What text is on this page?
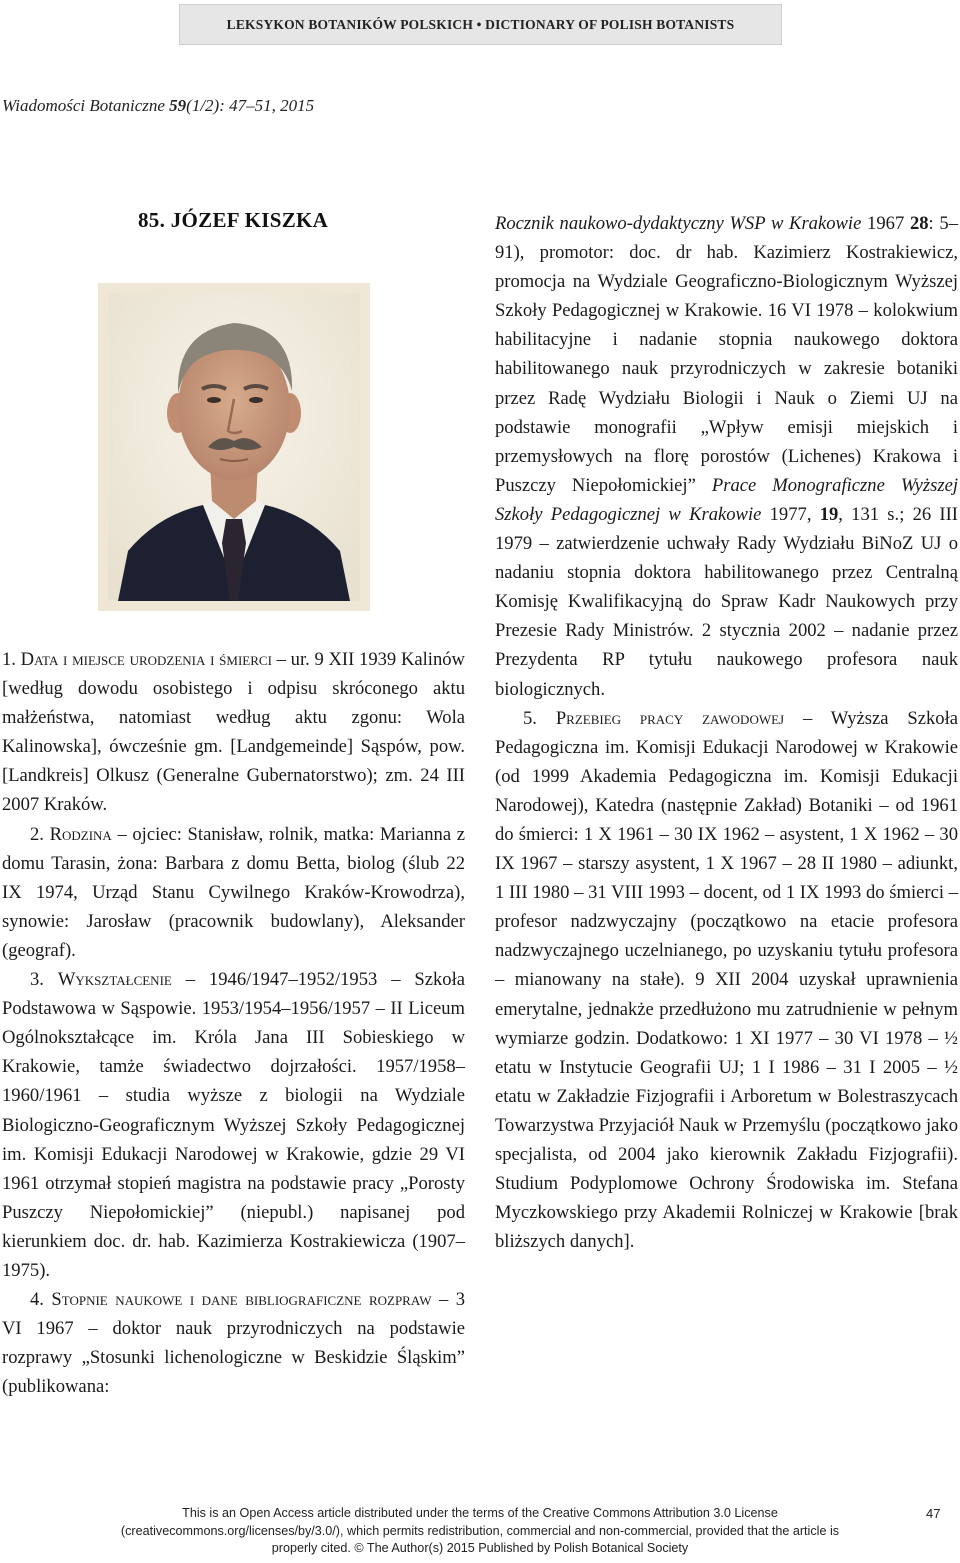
LEKSYKON BOTANIKÓW POLSKICH • DICTIONARY OF POLISH BOTANISTS
Wiadomości Botaniczne 59(1/2): 47–51, 2015
85. JÓZEF KISZKA

1. Data i miejsce urodzenia i śmierci – ur. 9 XII 1939 Kalinów [według dowodu osobistego i odpisu skróconego aktu małżeństwa, natomiast według aktu zgonu: Wola Kalinowska], ówcześnie gm. [Landgemeinde] Sąspów, pow. [Landkreis] Olkusz (Generalne Gubernatorstwo); zm. 24 III 2007 Kraków.

2. Rodzina – ojciec: Stanisław, rolnik, matka: Marianna z domu Tarasin, żona: Barbara z domu Betta, biolog (ślub 22 IX 1974, Urząd Stanu Cywilnego Kraków-Krowodrza), synowie: Jarosław (pracownik budowlany), Aleksander (geograf).

3. Wykształcenie – 1946/1947–1952/1953 – Szkoła Podstawowa w Sąspowie. 1953/1954–1956/1957 – II Liceum Ogólnokształcące im. Króla Jana III Sobieskiego w Krakowie, tamże świadectwo dojrzałości. 1957/1958–1960/1961 – studia wyższe z biologii na Wydziale Biologiczno-Geograficznym Wyższej Szkoły Pedagogicznej im. Komisji Edukacji Narodowej w Krakowie, gdzie 29 VI 1961 otrzymał stopień magistra na podstawie pracy „Porosty Puszczy Niepołomickiej” (niepubl.) napisanej pod kierunkiem doc. dr. hab. Kazimierza Kostrakiewicza (1907–1975).

4. Stopnie naukowe i dane bibliograficzne rozpraw – 3 VI 1967 – doktor nauk przyrodniczych na podstawie rozprawy „Stosunki lichenologiczne w Beskidzie Śląskim” (publikowana:

Rocznik naukowo-dydaktyczny WSP w Krakowie 1967 28: 5–91), promotor: doc. dr hab. Kazimierz Kostrakiewicz, promocja na Wydziale Geograficzno-Biologicznym Wyższej Szkoły Pedagogicznej w Krakowie. 16 VI 1978 – kolokwium habilitacyjne i nadanie stopnia naukowego doktora habilitowanego nauk przyrodniczych w zakresie botaniki przez Radę Wydziału Biologii i Nauk o Ziemi UJ na podstawie monografii „Wpływ emisji miejskich i przemysłowych na florę porostów (Lichenes) Krakowa i Puszczy Niepołomickiej” Prace Monograficzne Wyższej Szkoły Pedagogicznej w Krakowie 1977, 19, 131 s.; 26 III 1979 – zatwierdzenie uchwały Rady Wydziału BiNoZ UJ o nadaniu stopnia doktora habilitowanego przez Centralną Komisję Kwalifikacyjną do Spraw Kadr Naukowych przy Prezesie Rady Ministrów. 2 stycznia 2002 – nadanie przez Prezydenta RP tytułu naukowego profesora nauk biologicznych.

5. Przebieg pracy zawodowej – Wyższa Szkoła Pedagogiczna im. Komisji Edukacji Narodowej w Krakowie (od 1999 Akademia Pedagogiczna im. Komisji Edukacji Narodowej), Katedra (następnie Zakład) Botaniki – od 1961 do śmierci: 1 X 1961 – 30 IX 1962 – asystent, 1 X 1962 – 30 IX 1967 – starszy asystent, 1 X 1967 – 28 II 1980 – adiunkt, 1 III 1980 – 31 VIII 1993 – docent, od 1 IX 1993 do śmierci – profesor nadzwyczajny (początkowo na etacie profesora nadzwyczajnego uczelnianego, po uzyskaniu tytułu profesora – mianowany na stałe). 9 XII 2004 uzyskał uprawnienia emerytalne, jednakże przedłużono mu zatrudnienie w pełnym wymiarze godzin. Dodatkowo: 1 XI 1977 – 30 VI 1978 – ½ etatu w Instytucie Geografii UJ; 1 I 1986 – 31 I 2005 – ½ etatu w Zakładzie Fizjografii i Arboretum w Bolestraszycach Towarzystwa Przyjaciół Nauk w Przemyślu (początkowo jako specjalista, od 2004 jako kierownik Zakładu Fizjografii). Studium Podyplomowe Ochrony Środowiska im. Stefana Myczkowskiego przy Akademii Rolniczej w Krakowie [brak bliższych danych].

This is an Open Access article distributed under the terms of the Creative Commons Attribution 3.0 License
(creativecommons.org/licenses/by/3.0/), which permits redistribution, commercial and non-commercial, provided that the article is
properly cited. © The Author(s) 2015 Published by Polish Botanical Society
47
